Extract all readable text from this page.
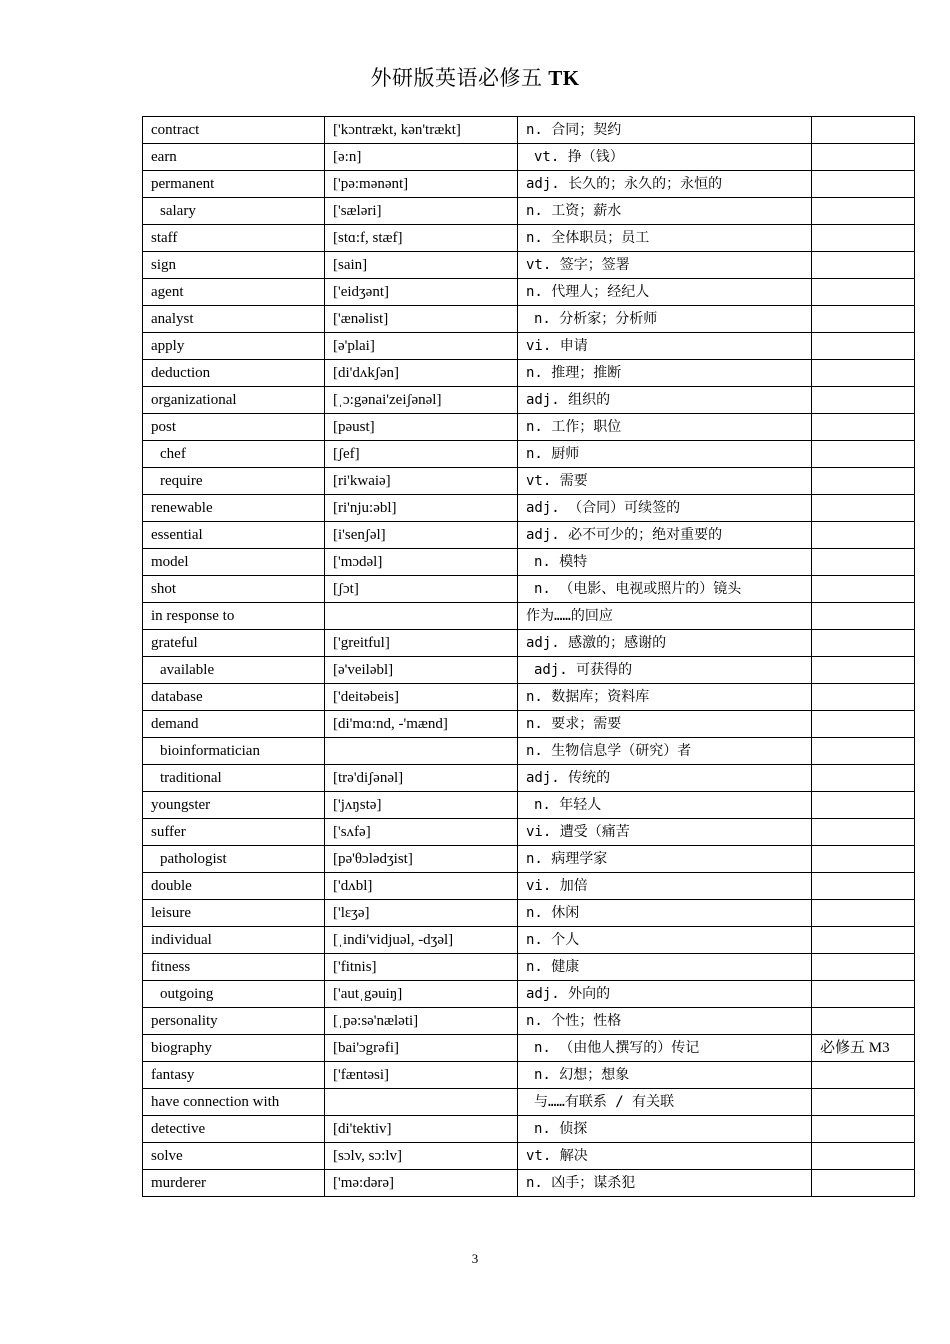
外研版英语必修五 TK
contract	['kɔntrækt, kən'trækt]	n. 合同；契约	
earn	[ə:n]	vt. 挣（钱）	
permanent	['pə:mənənt]	adj. 长久的；永久的；永恒的	
salary	['sæləri]	n. 工资；薪水	
staff	[stɑ:f, stæf]	n. 全体职员；员工	
sign	[sain]	vt. 签字；签署	
agent	['eidʒənt]	n. 代理人；经纪人	
analyst	['ænəlist]	n. 分析家；分析师	
apply	[ə'plai]	vi. 申请	
deduction	[di'dʌkʃən]	n. 推理；推断	
organizational	[ˌɔ:gənai'zeiʃənəl]	adj. 组织的	
post	[pəust]	n. 工作；职位	
chef	[ʃef]	n. 厨师	
require	[ri'kwaiə]	vt. 需要	
renewable	[ri'nju:əbl]	adj. （合同）可续签的	
essential	[i'senʃəl]	adj. 必不可少的；绝对重要的	
model	['mɔdəl]	n. 模特	
shot	[ʃɔt]	n. （电影、电视或照片的）镜头	
in response to		作为……的回应	
grateful	['greitful]	adj. 感激的；感谢的	
available	[ə'veiləbl]	adj. 可获得的	
database	['deitəbeis]	n. 数据库；资料库	
demand	[di'mɑ:nd, -'mænd]	n. 要求；需要	
bioinformatician		n. 生物信息学（研究）者	
traditional	[trə'diʃənəl]	adj. 传统的	
youngster	['jʌŋstə]	n. 年轻人	
suffer	['sʌfə]	vi. 遭受（痛苦	
pathologist	[pə'θɔlədʒist]	n. 病理学家	
double	['dʌbl]	vi. 加倍	
leisure	['lɛʒə]	n. 休闲	
individual	[ˌindi'vidjuəl, -dʒəl]	n. 个人	
fitness	['fitnis]	n. 健康	
outgoing	['autˌgəuiŋ]	adj. 外向的	
personality	[ˌpə:sə'næləti]	n. 个性；性格	
biography	[bai'ɔgrəfi]	n. （由他人撰写的）传记	必修五 M3
fantasy	['fæntəsi]	n. 幻想；想象	
have connection with		与……有联系 / 有关联	
detective	[di'tektiv]	n. 侦探	
solve	[sɔlv, sɔ:lv]	vt. 解决	
murderer	['mə:dərə]	n. 凶手；谋杀犯	
3
